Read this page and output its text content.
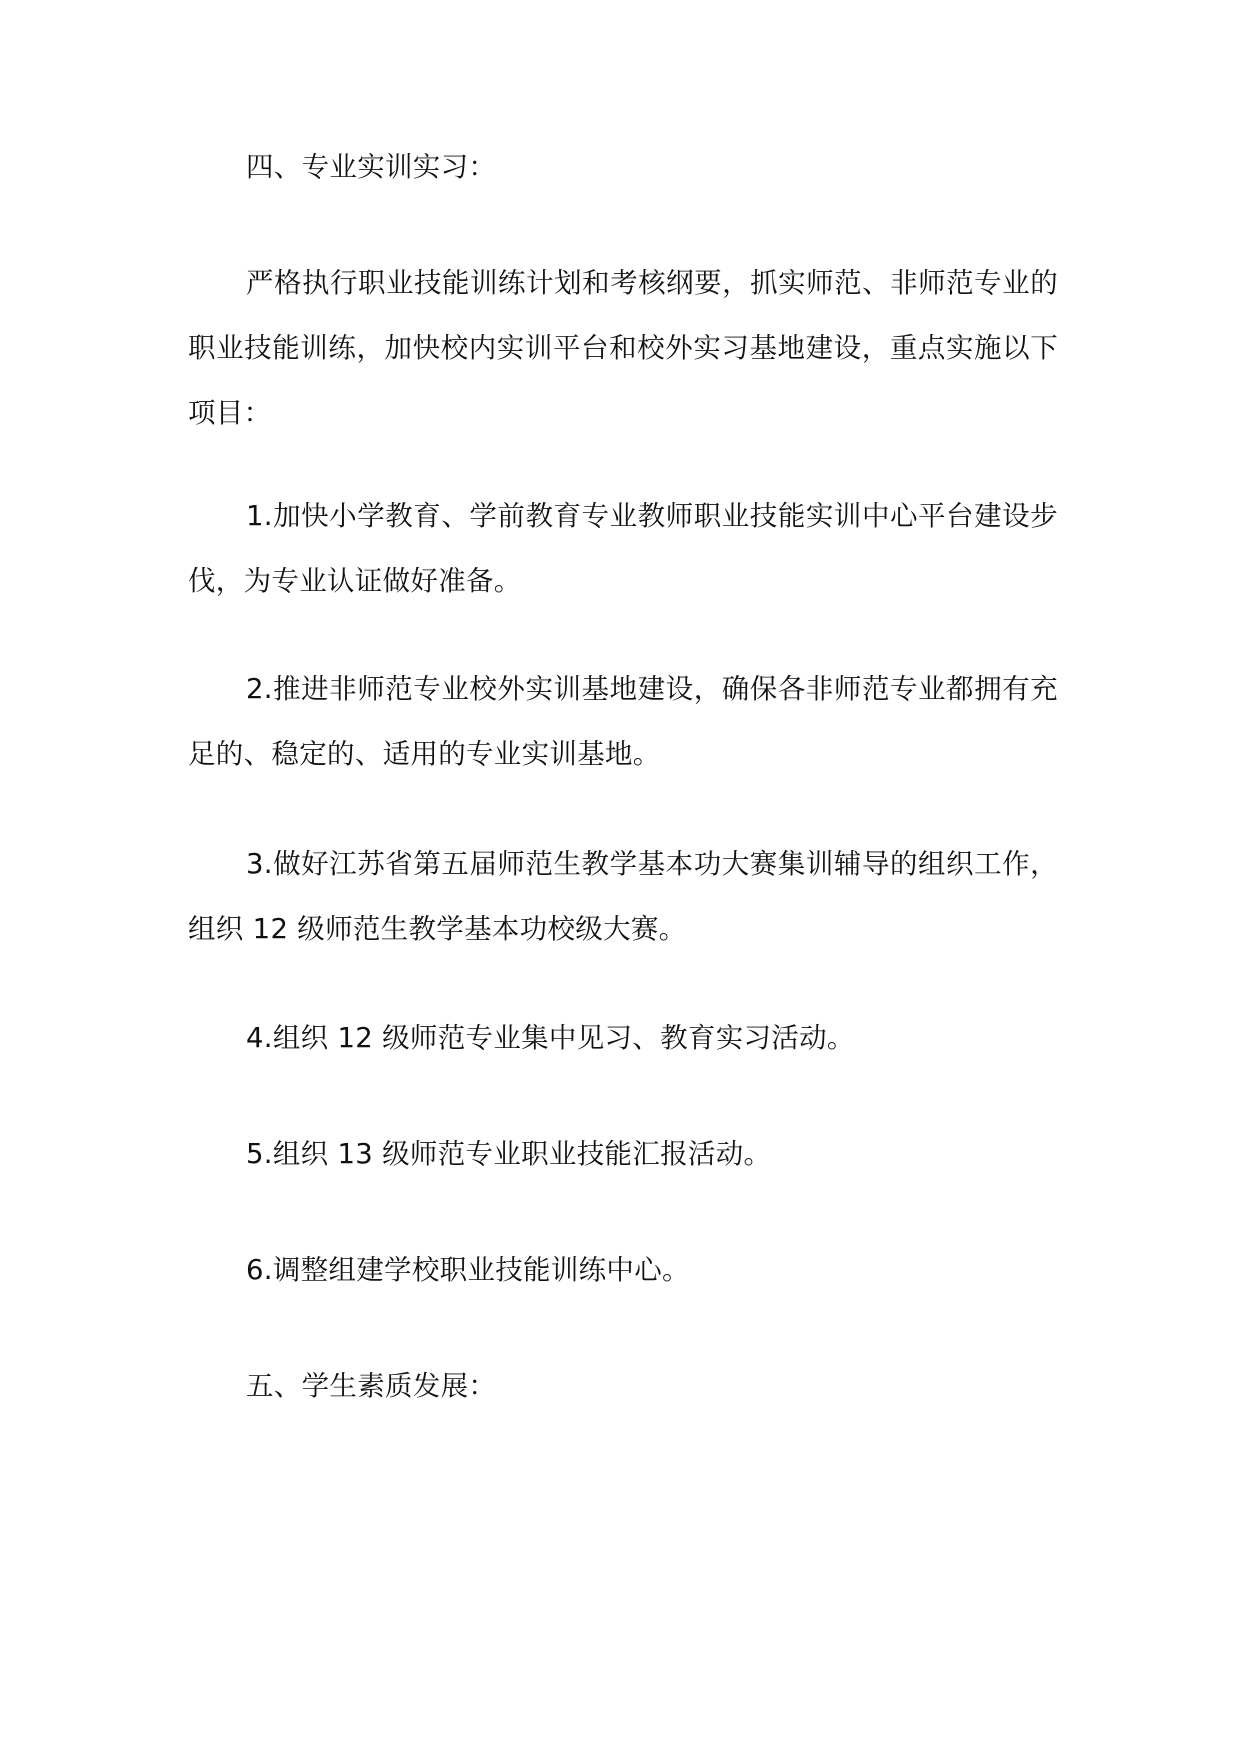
四、专业实训实习：

严格执行职业技能训练计划和考核纲要，抓实师范、非师范专业的职业技能训练，加快校内实训平台和校外实习基地建设，重点实施以下项目：

1.加快小学教育、学前教育专业教师职业技能实训中心平台建设步伐，为专业认证做好准备。

2.推进非师范专业校外实训基地建设，确保各非师范专业都拥有充足的、稳定的、适用的专业实训基地。

3.做好江苏省第五届师范生教学基本功大赛集训辅导的组织工作，组织 12 级师范生教学基本功校级大赛。

4.组织 12 级师范专业集中见习、教育实习活动。

5.组织 13 级师范专业职业技能汇报活动。

6.调整组建学校职业技能训练中心。

五、学生素质发展：
